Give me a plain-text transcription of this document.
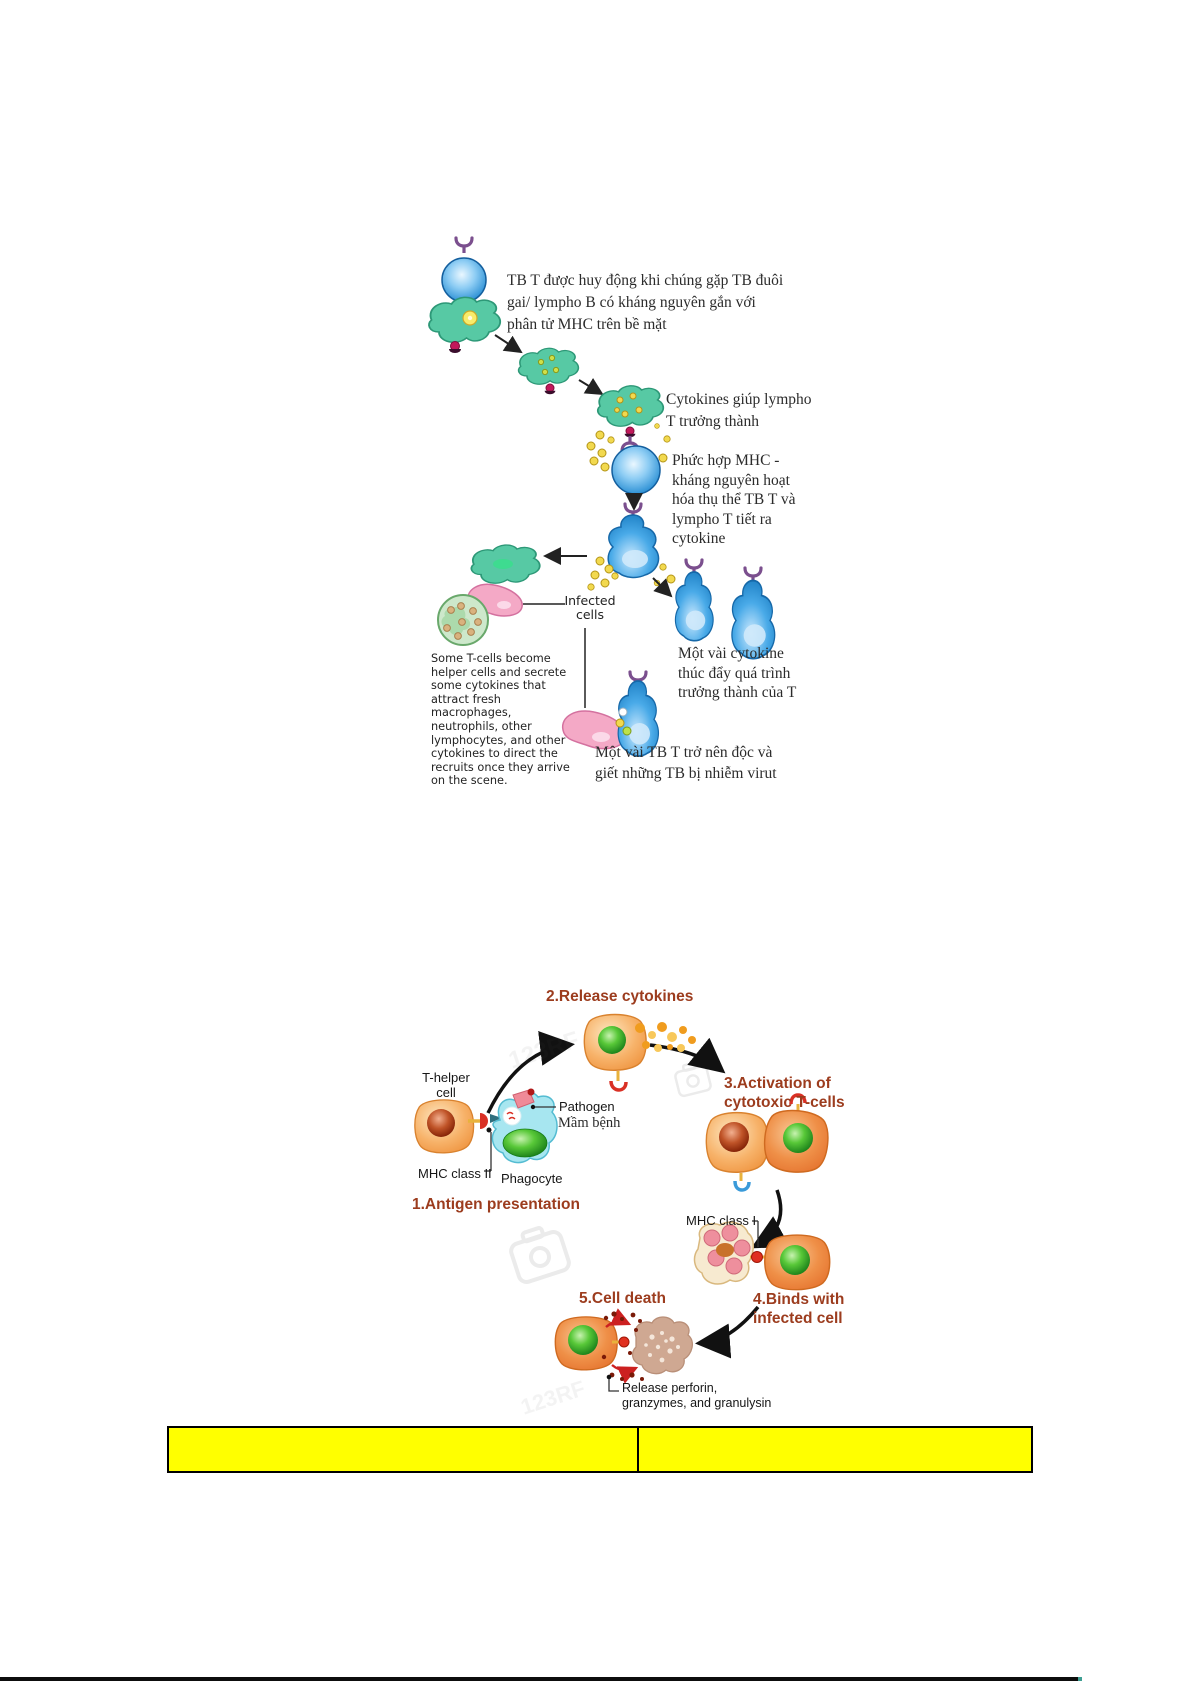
TB T được huy động khi chúng gặp TB đuôi gai/ lympho B có kháng nguyên gắn với phân tử MHC trên bề mặt
Cytokines giúp lympho T trưởng thành
Phức hợp MHC - kháng nguyên hoạt hóa thụ thể TB T và lympho T tiết ra cytokine
Infected cells
Một vài cytokine thúc đẩy quá trình trưởng thành của T
Some T-cells become helper cells and secrete some cytokines that attract fresh macrophages, neutrophils, other lymphocytes, and other cytokines to direct the recruits once they arrive on the scene.
Một vài TB T trở nên độc và giết những TB bị nhiễm virut
2.Release cytokines
T-helper cell
Pathogen
Mầm bệnh
MHC class II Phagocyte
1.Antigen presentation
3.Activation of cytotoxic T-cells
MHC class I
4.Binds with infected cell
5.Cell death
Release perforin, granzymes, and granulysin
123RF
123RF
